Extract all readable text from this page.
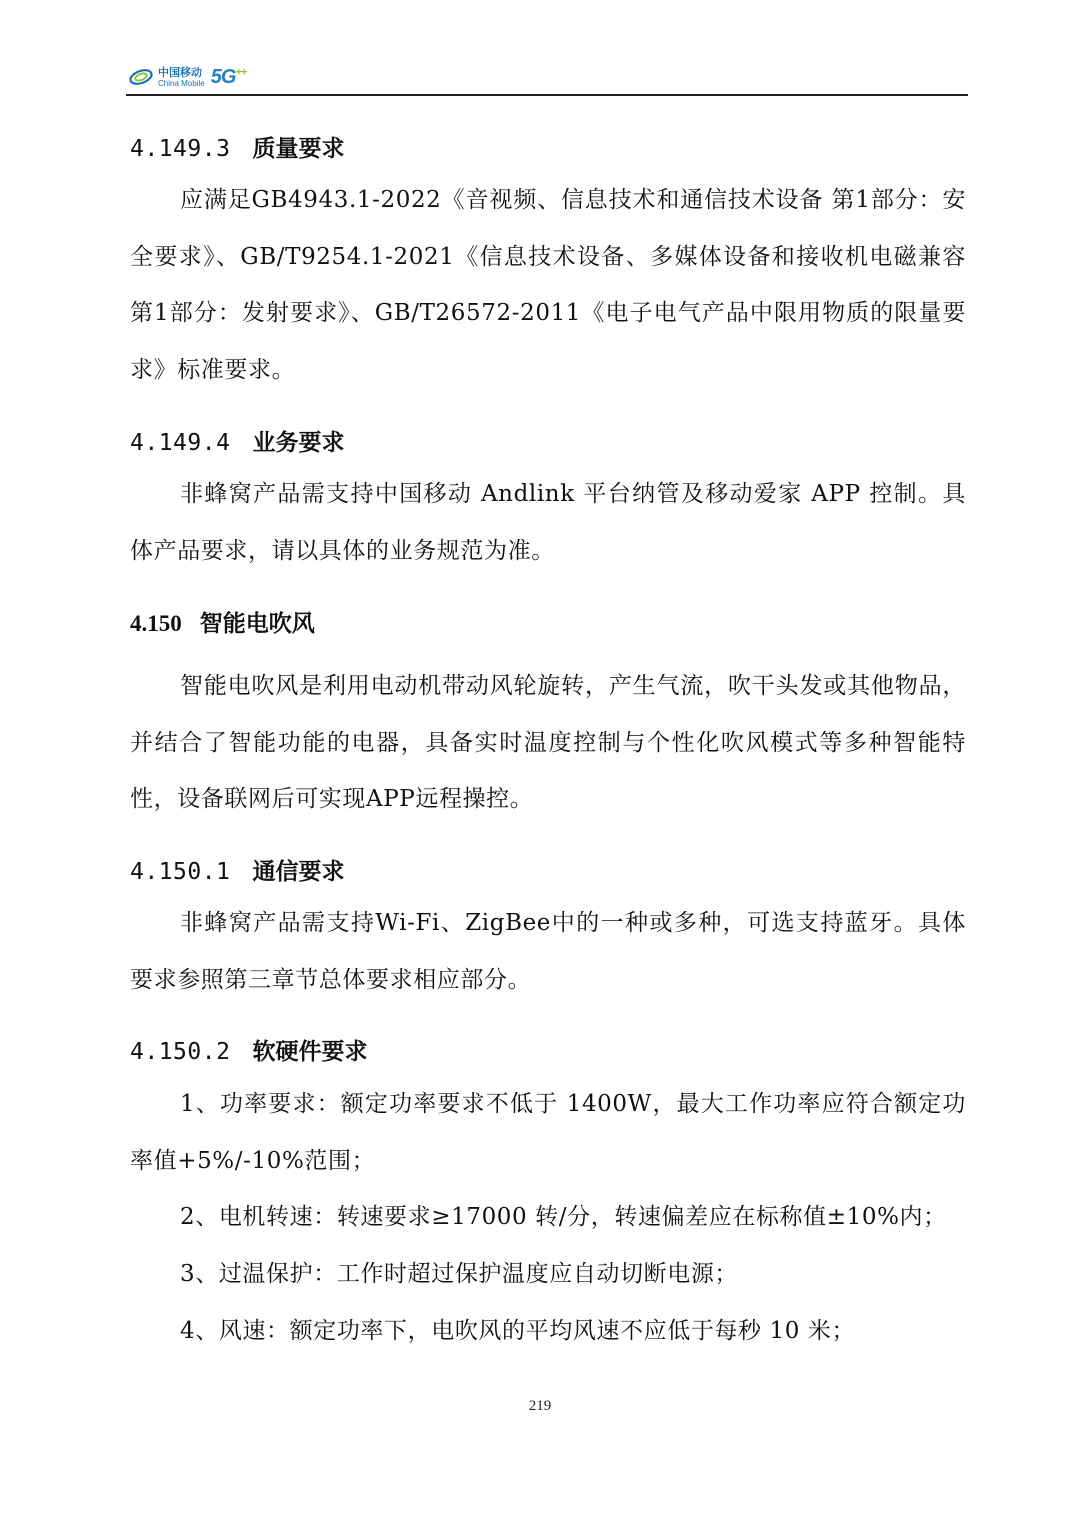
中国移动
China Mobile 5G++
4.149.3 质量要求
应满足GB4943.1-2022《音视频、信息技术和通信技术设备 第1部分：安全要求》、GB/T9254.1-2021《信息技术设备、多媒体设备和接收机电磁兼容 第1部分：发射要求》、GB/T26572-2011《电子电气产品中限用物质的限量要求》标准要求。
4.149.4 业务要求
非蜂窝产品需支持中国移动 Andlink 平台纳管及移动爱家 APP 控制。具体产品要求，请以具体的业务规范为准。
4.150 智能电吹风
智能电吹风是利用电动机带动风轮旋转，产生气流，吹干头发或其他物品，并结合了智能功能的电器，具备实时温度控制与个性化吹风模式等多种智能特性，设备联网后可实现APP远程操控。
4.150.1 通信要求
非蜂窝产品需支持Wi-Fi、ZigBee中的一种或多种，可选支持蓝牙。具体要求参照第三章节总体要求相应部分。
4.150.2 软硬件要求
1、功率要求：额定功率要求不低于 1400W，最大工作功率应符合额定功率值+5%/-10%范围；
2、电机转速：转速要求≥17000 转/分，转速偏差应在标称值±10%内；
3、过温保护：工作时超过保护温度应自动切断电源；
4、风速：额定功率下，电吹风的平均风速不应低于每秒 10 米；
219
